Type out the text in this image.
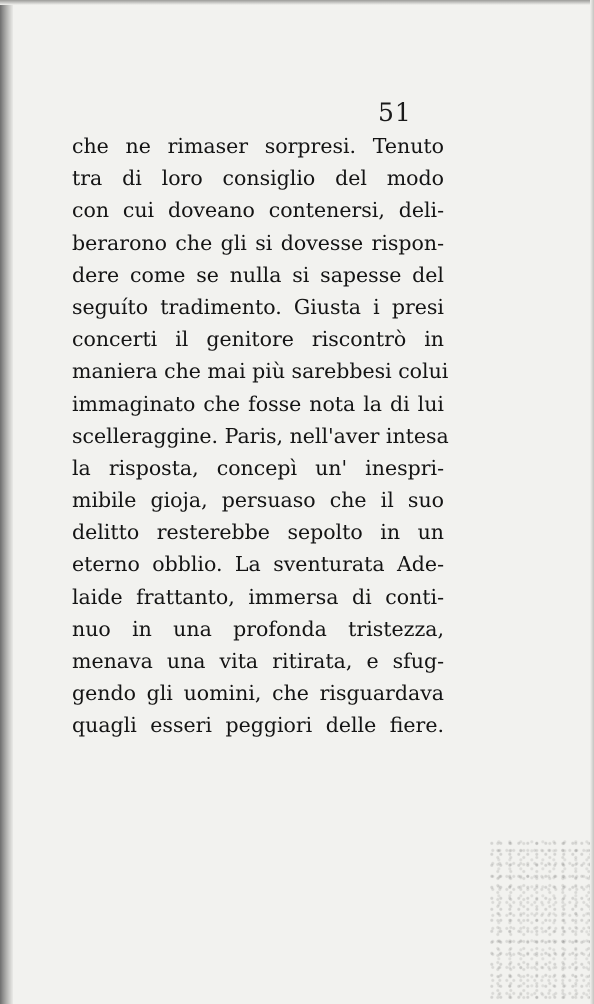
51
che ne rimaser sorpresi. Tenuto
tra di loro consiglio del modo
con cui doveano contenersi, deli-
berarono che gli si dovesse rispon-
dere come se nulla si sapesse del
seguíto tradimento. Giusta i presi
concerti il genitore riscontrò in
maniera che mai più sarebbesi colui
immaginato che fosse nota la di lui
scelleraggine. Paris, nell'aver intesa
la risposta, concepì un' inespri-
mibile gioja, persuaso che il suo
delitto resterebbe sepolto in un
eterno obblio. La sventurata Ade-
laide frattanto, immersa di conti-
nuo in una profonda tristezza,
menava una vita ritirata, e sfug-
gendo gli uomini, che risguardava
quagli esseri peggiori delle fiere.
